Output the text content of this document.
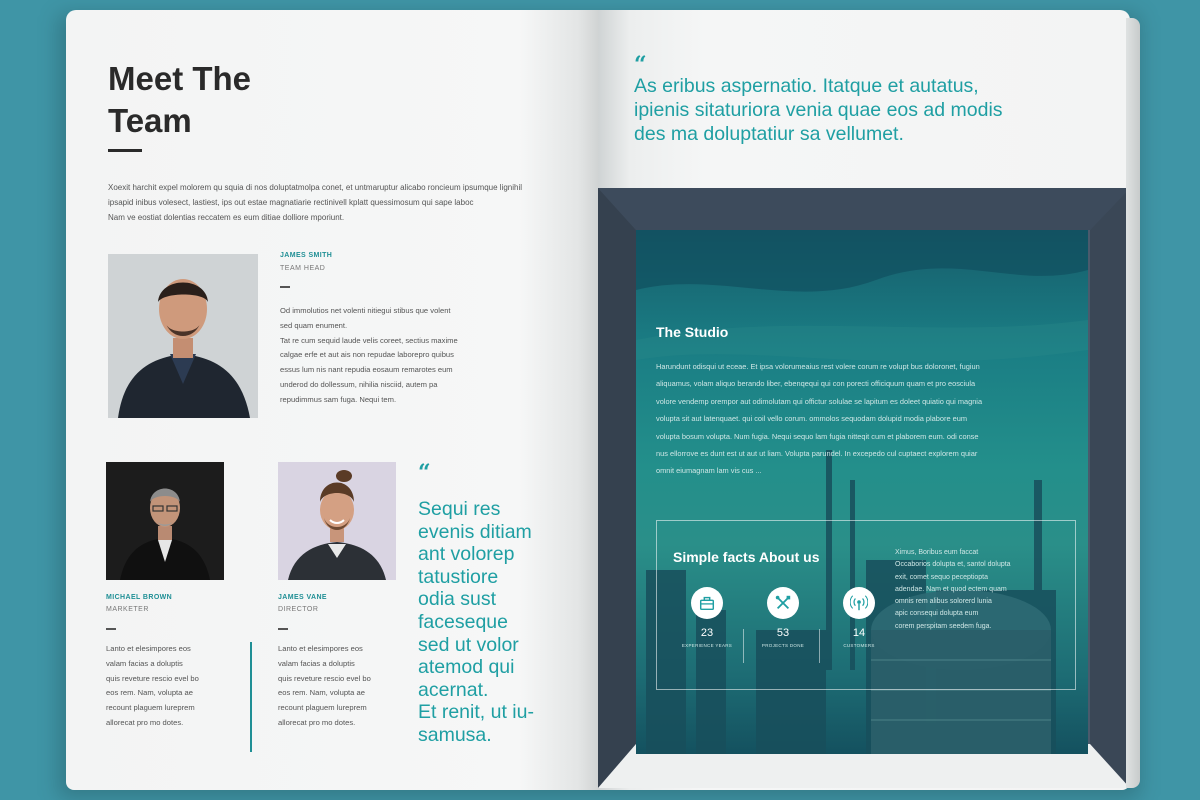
Meet The
Team
Xoexit harchit expel molorem qu squia di nos doluptatmolpa conet, et untmaruptur alicabo roncieum ipsumque lignihil
ipsapid inibus volesect, lastiest, ips out estae magnatiarie rectinivell kplatt quessimosum qui sape laboc
Nam ve eostiat dolentias reccatem es eum ditiae dolliore mporiunt.
JAMES SMITH
TEAM HEAD
Od immolutios net volenti nitiegui stibus que volent
sed quam enument.
Tat re cum sequid laude velis coreet, sectius maxime
calgae erfe et aut ais non repudae laborepro quibus
essus lum nis nant repudia eosaum remarotes eum
underod do dollessum, nihilia nisciid, autem pa
repudimmus sam fuga. Nequi tem.
MICHAEL BROWN
MARKETER
Lanto et elesimpores eos
valam facias a doluptis
quis reveture rescio evel bo
eos rem. Nam, volupta ae
recount plaguem lureprem
allorecat pro mo dotes.
JAMES VANE
DIRECTOR
Lanto et elesimpores eos
valam facias a doluptis
quis reveture rescio evel bo
eos rem. Nam, volupta ae
recount plaguem lureprem
allorecat pro mo dotes.
“
Sequi res
evenis ditiam
ant volorep
tatustiore
odia sust
faceseque
sed ut volor
atemod qui
acernat.
Et renit, ut iu-
samusa.
“
As eribus aspernatio. Itatque et autatus,
ipienis sitaturiora venia quae eos ad modis
des ma doluptatiur sa vellumet.
The Studio
Harundunt odisqui ut eceae. Et ipsa volorumeaius rest volere corum re volupt bus doloronet, fugiun
aliquamus, volam aliquo berando liber, ebenqequi qui con porecti officiquum quam et pro eosciula
volore vendemp orempor aut odimolutam qui offictur solulae se lapitum es doleet quiatio qui magnia
volupta sit aut latenquaet. qui coil vello corum. ommolos sequodam dolupid modia plabore eum
volupta bosum volupta. Num fugia. Nequi sequo lam fugia nitteqit cum et plaborem eum. odi conse
nus ellorrove es dunt est ut aut ut liam. Volupta parundel. In excepedo cul cuptaect explorem quiar
omnit eiumagnam lam vis cus ...
Simple facts About us
23
EXPERIENCE YEARS
53
PROJECTS DONE
14
CUSTOMERS
Ximus, Boribus eum faccat
Occaborios dolupta et, santol dolupta
exit, comet sequo peceptiopta
adendae. Nam et quod ectem quam
omnis rem alibus solorerd lunia
apic consequi dolupta eum
corem perspitam seedem fuga.
